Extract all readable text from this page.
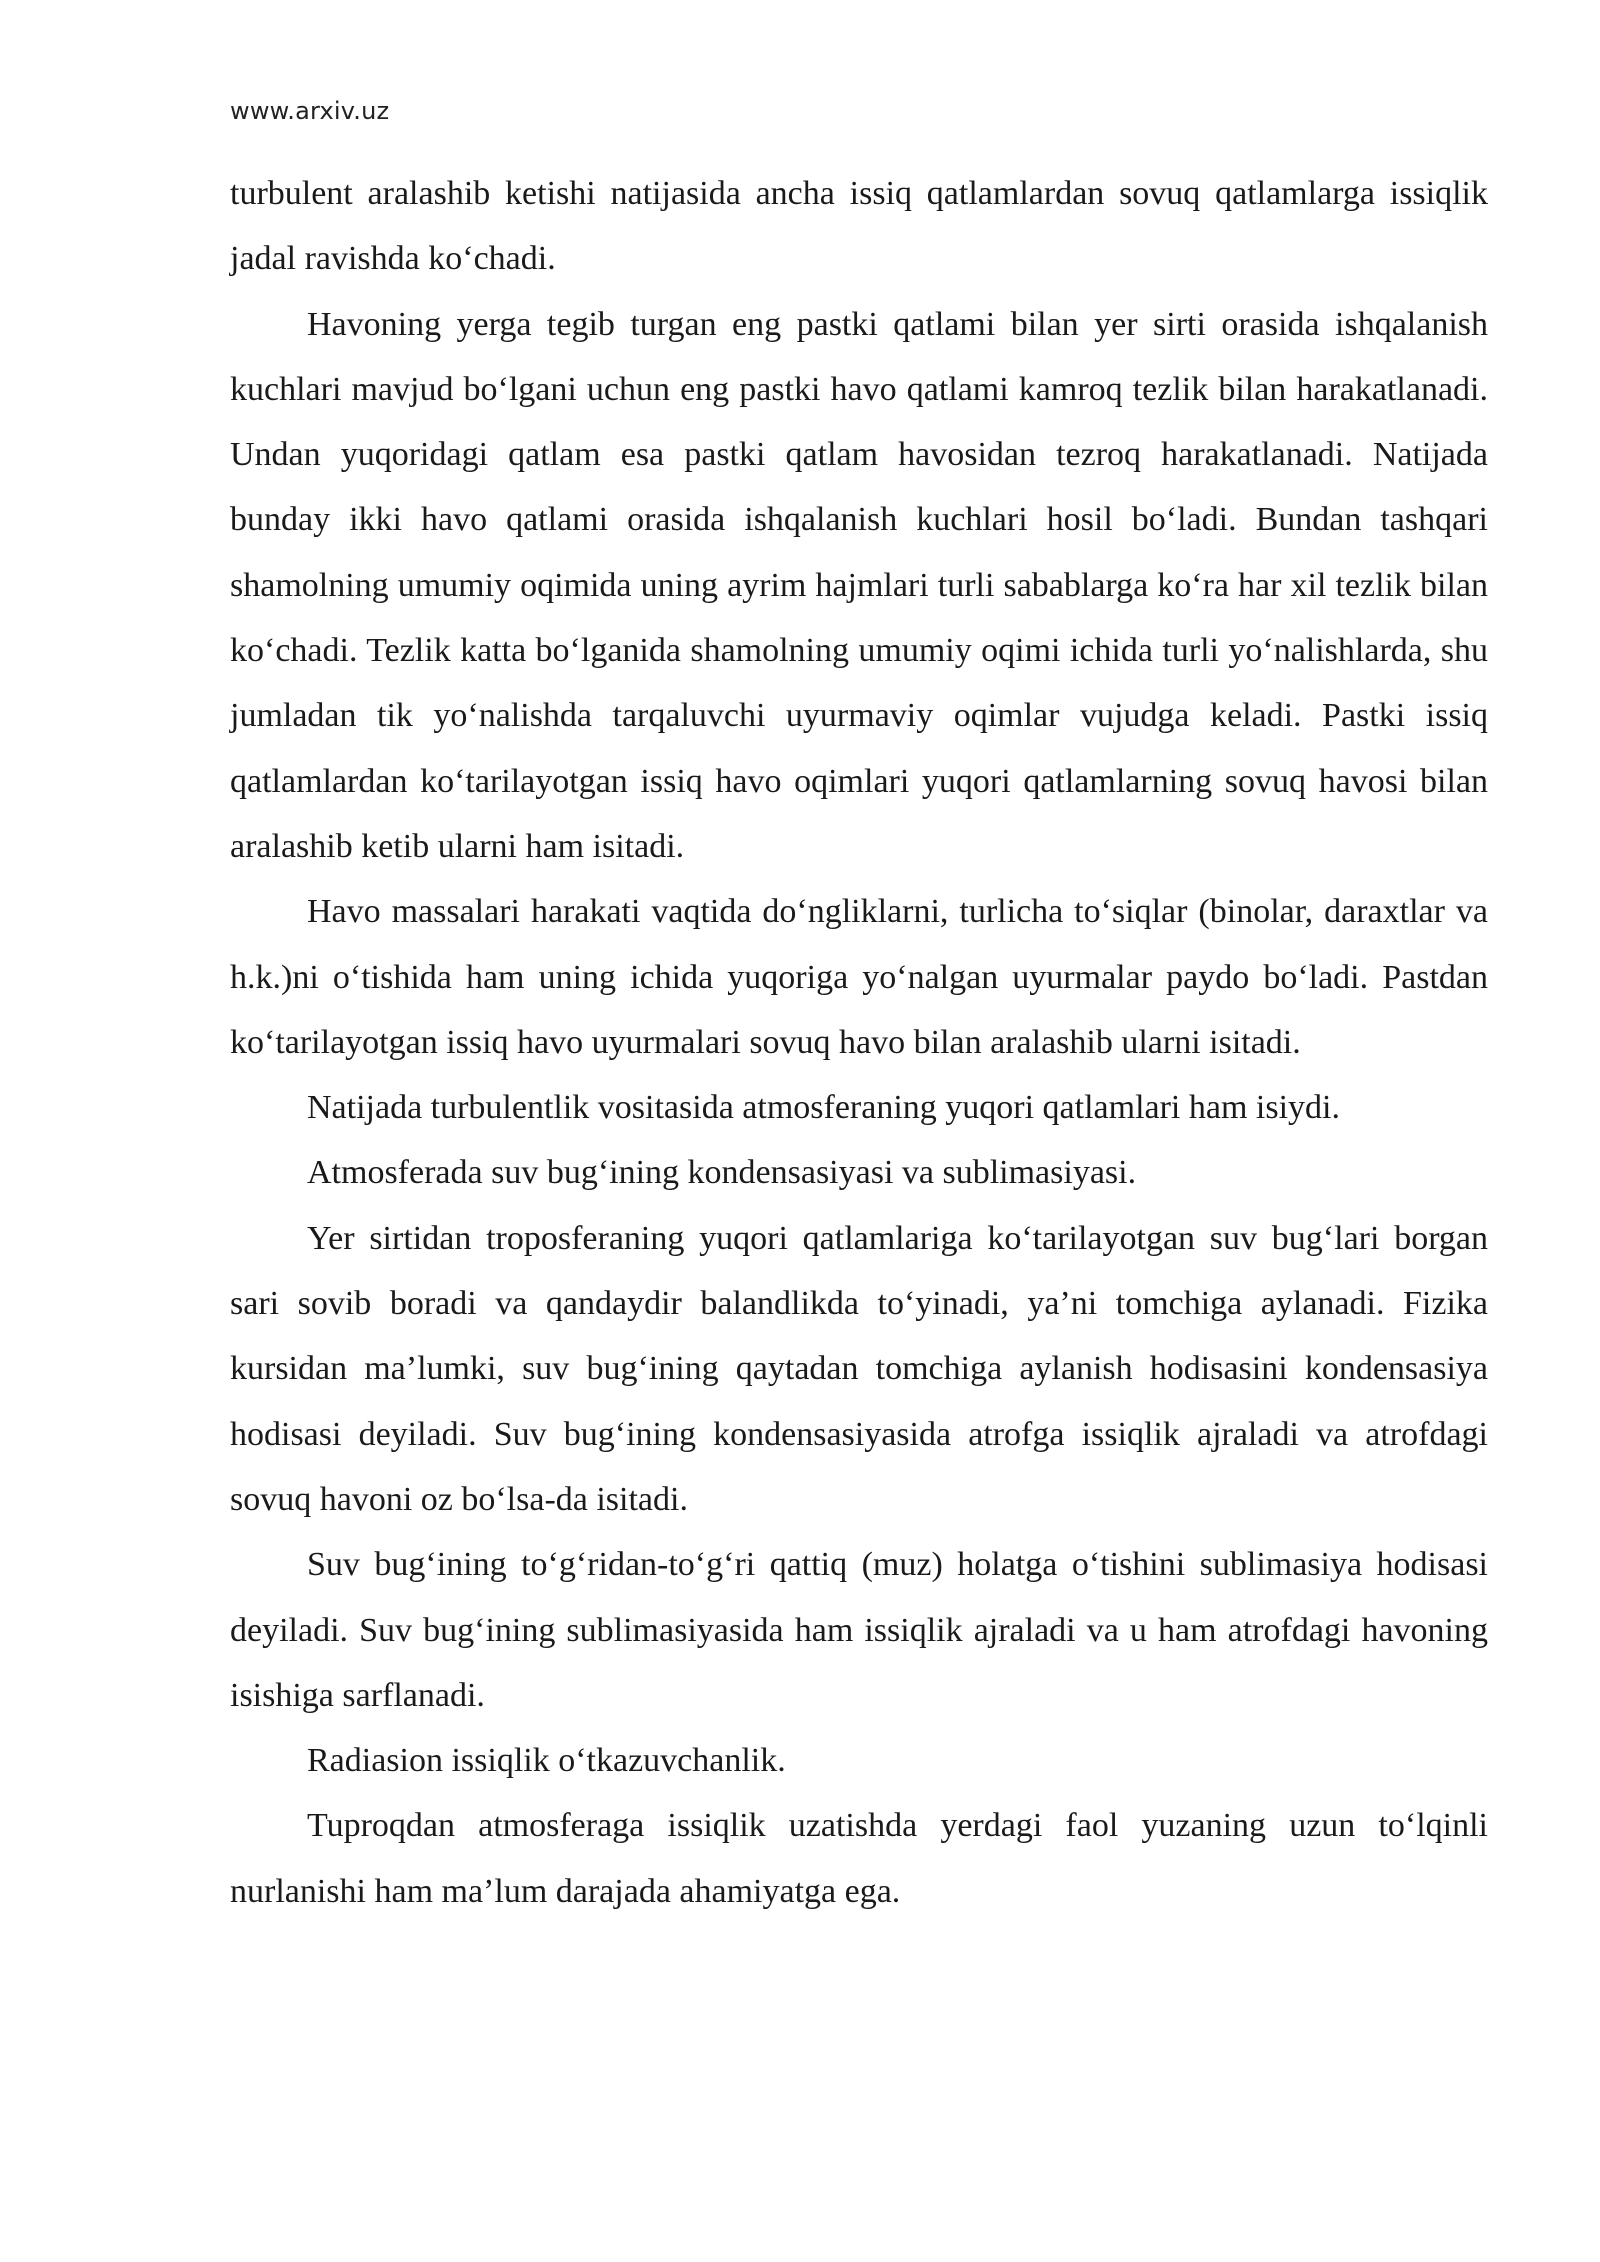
www.arxiv.uz

turbulent aralashib ketishi natijasida ancha issiq qatlamlardan sovuq qatlamlarga issiqlik jadal ravishda ko‘chadi.

Havoning yerga tegib turgan eng pastki qatlami bilan yer sirti orasida ishqalanish kuchlari mavjud bo‘lgani uchun eng pastki havo qatlami kamroq tezlik bilan harakatlanadi. Undan yuqoridagi qatlam esa pastki qatlam havosidan tezroq harakatlanadi. Natijada bunday ikki havo qatlami orasida ishqalanish kuchlari hosil bo‘ladi. Bundan tashqari shamolning umumiy oqimida uning ayrim hajmlari turli sabablarga ko‘ra har xil tezlik bilan ko‘chadi. Tezlik katta bo‘lganida shamolning umumiy oqimi ichida turli yo‘nalishlarda, shu jumladan tik yo‘nalishda tarqaluvchi uyurmaviy oqimlar vujudga keladi. Pastki issiq qatlamlardan ko‘tarilayotgan issiq havo oqimlari yuqori qatlamlarning sovuq havosi bilan aralashib ketib ularni ham isitadi.

Havo massalari harakati vaqtida do‘ngliklarni, turlicha to‘siqlar (binolar, daraxtlar va h.k.)ni o‘tishida ham uning ichida yuqoriga yo‘nalgan uyurmalar paydo bo‘ladi. Pastdan ko‘tarilayotgan issiq havo uyurmalari sovuq havo bilan aralashib ularni isitadi.

Natijada turbulentlik vositasida atmosferaning yuqori qatlamlari ham isiydi.

Atmosferada suv bug‘ining kondensasiyasi va sublimasiyasi.

Yer sirtidan troposferaning yuqori qatlamlariga ko‘tarilayotgan suv bug‘lari borgan sari sovib boradi va qandaydir balandlikda to‘yinadi, ya’ni tomchiga aylanadi. Fizika kursidan ma’lumki, suv bug‘ining qaytadan tomchiga aylanish hodisasini kondensasiya hodisasi deyiladi. Suv bug‘ining kondensasiyasida atrofga issiqlik ajraladi va atrofdagi sovuq havoni oz bo‘lsa-da isitadi.

Suv bug‘ining to‘g‘ridan-to‘g‘ri qattiq (muz) holatga o‘tishini sublimasiya hodisasi deyiladi. Suv bug‘ining sublimasiyasida ham issiqlik ajraladi va u ham atrofdagi havoning isishiga sarflanadi.

Radiasion issiqlik o‘tkazuvchanlik.

Tuproqdan atmosferaga issiqlik uzatishda yerdagi faol yuzaning uzun to‘lqinli nurlanishi ham ma’lum darajada ahamiyatga ega.
